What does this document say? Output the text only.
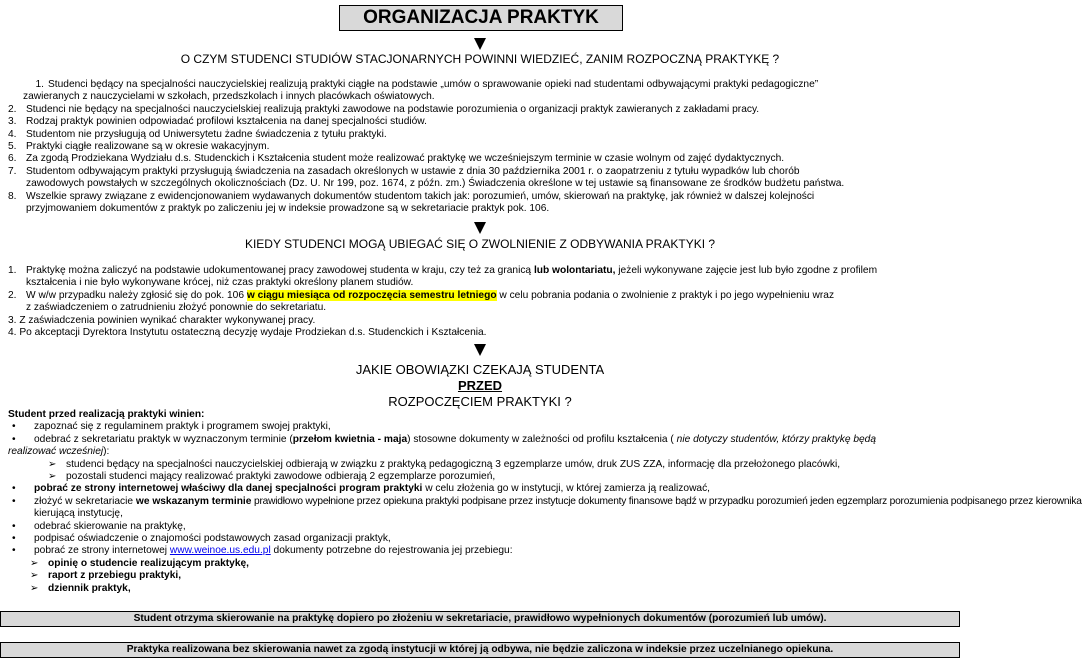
ORGANIZACJA PRAKTYK
O CZYM STUDENCI STUDIÓW STACJONARNYCH POWINNI WIEDZIEĆ, ZANIM ROZPOCZNĄ PRAKTYKĘ ?
1. Studenci będący na specjalności nauczycielskiej realizują praktyki ciągłe na podstawie „umów o sprawowanie opieki nad studentami odbywającymi praktyki pedagogiczne”
zawieranych z nauczycielami w szkołach, przedszkolach i innych placówkach oświatowych.
2. Studenci nie będący na specjalności nauczycielskiej realizują praktyki zawodowe na podstawie porozumienia o organizacji praktyk zawieranych z zakładami pracy.
3. Rodzaj praktyk powinien odpowiadać profilowi kształcenia na danej specjalności studiów.
4. Studentom nie przysługują od Uniwersytetu żadne świadczenia z tytułu praktyki.
5. Praktyki ciągłe realizowane są w okresie wakacyjnym.
6. Za zgodą Prodziekana Wydziału d.s. Studenckich i Kształcenia student może realizować praktykę we wcześniejszym terminie w czasie wolnym od zajęć dydaktycznych.
7. Studentom odbywającym praktyki przysługują świadczenia na zasadach określonych w ustawie z dnia 30 października 2001 r. o zaopatrzeniu z tytułu wypadków lub chorób
zawodowych powstałych w szczególnych okolicznościach (Dz. U. Nr 199, poz. 1674, z późn. zm.) Świadczenia określone w tej ustawie są finansowane ze środków budżetu państwa.
8. Wszelkie sprawy związane z ewidencjonowaniem wydawanych dokumentów studentom takich jak: porozumień, umów, skierowań na praktykę, jak również w dalszej kolejności
przyjmowaniem dokumentów z praktyk po zaliczeniu jej w indeksie prowadzone są w sekretariacie praktyk pok. 106.
KIEDY STUDENCI MOGĄ UBIEGAĆ SIĘ O ZWOLNIENIE Z ODBYWANIA PRAKTYKI ?
1. Praktykę można zaliczyć na podstawie udokumentowanej pracy zawodowej studenta w kraju, czy też za granicą lub wolontariatu, jeżeli wykonywane zajęcie jest lub było zgodne z profilem
kształcenia i nie było wykonywane krócej, niż czas praktyki określony planem studiów.
2. W w/w przypadku należy zgłosić się do pok. 106 w ciągu miesiąca od rozpoczęcia semestru letniego w celu pobrania podania o zwolnienie z praktyk i po jego wypełnieniu wraz
z zaświadczeniem o zatrudnieniu złożyć ponownie do sekretariatu.
3. Z zaświadczenia powinien wynikać charakter wykonywanej pracy.
4. Po akceptacji Dyrektora Instytutu ostateczną decyzję wydaje Prodziekan d.s. Studenckich i Kształcenia.
JAKIE OBOWIĄZKI CZEKAJĄ STUDENTA
PRZED
ROZPOCZĘCIEM PRAKTYKI ?
Student przed realizacją praktyki winien:
• zapoznać się z regulaminem praktyk i programem swojej praktyki,
• odebrać z sekretariatu praktyk w wyznaczonym terminie (przełom kwietnia - maja) stosowne dokumenty w zależności od profilu kształcenia ( nie dotyczy studentów, którzy praktykę będą
realizować wcześniej):
➢ studenci będący na specjalności nauczycielskiej odbierają w związku z praktyką pedagogiczną 3 egzemplarze umów, druk ZUS ZZA, informację dla przełożonego placówki,
➢ pozostali studenci mający realizować praktyki zawodowe odbierają 2 egzemplarze porozumień,
• pobrać ze strony internetowej właściwy dla danej specjalności program praktyki w celu złożenia go w instytucji, w której zamierza ją realizować,
• złożyć w sekretariacie we wskazanym terminie prawidłowo wypełnione przez opiekuna praktyki podpisane przez instytucje dokumenty finansowe bądź w przypadku porozumień jeden egzemplarz porozumienia podpisanego przez kierownika
kierującą instytucję,
• odebrać skierowanie na praktykę,
• podpisać oświadczenie o znajomości podstawowych zasad organizacji praktyk,
• pobrać ze strony internetowej www.weinoe.us.edu.pl dokumenty potrzebne do rejestrowania jej przebiegu:
➢ opinię o studencie realizującym praktykę,
➢ raport z przebiegu praktyki,
➢ dziennik praktyk,
Student otrzyma skierowanie na praktykę dopiero po złożeniu w sekretariacie, prawidłowo wypełnionych dokumentów (porozumień lub umów).
Praktyka realizowana bez skierowania nawet za zgodą instytucji w której ją odbywa, nie będzie zaliczona w indeksie przez uczelnianego opiekuna.
